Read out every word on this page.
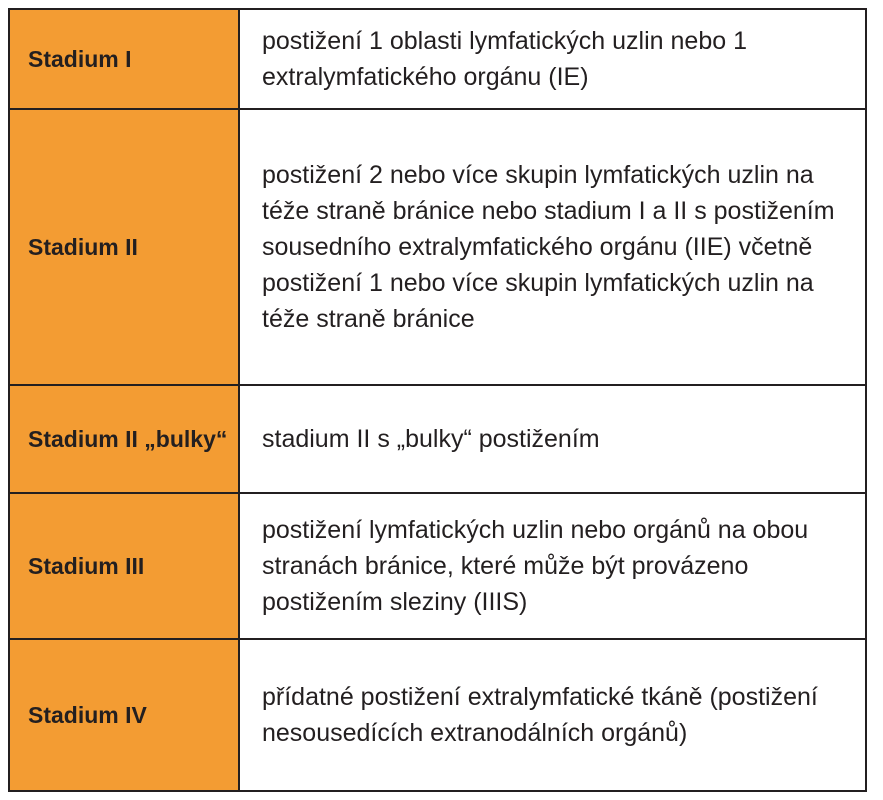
Stadium I	postižení 1 oblasti lymfatických uzlin nebo 1 extralymfatického orgánu (IE)
Stadium II	postižení 2 nebo více skupin lymfatických uzlin na téže straně bránice nebo stadium I a II s postižením sousedního extralymfatického orgánu (IIE) včetně postižení 1 nebo více skupin lymfatických uzlin na téže straně bránice
Stadium II „bulky“	stadium II s „bulky“ postižením
Stadium III	postižení lymfatických uzlin nebo orgánů na obou stranách bránice, které může být provázeno postižením sleziny (IIIS)
Stadium IV	přídatné postižení extralymfatické tkáně (postižení nesousedících extranodálních orgánů)
